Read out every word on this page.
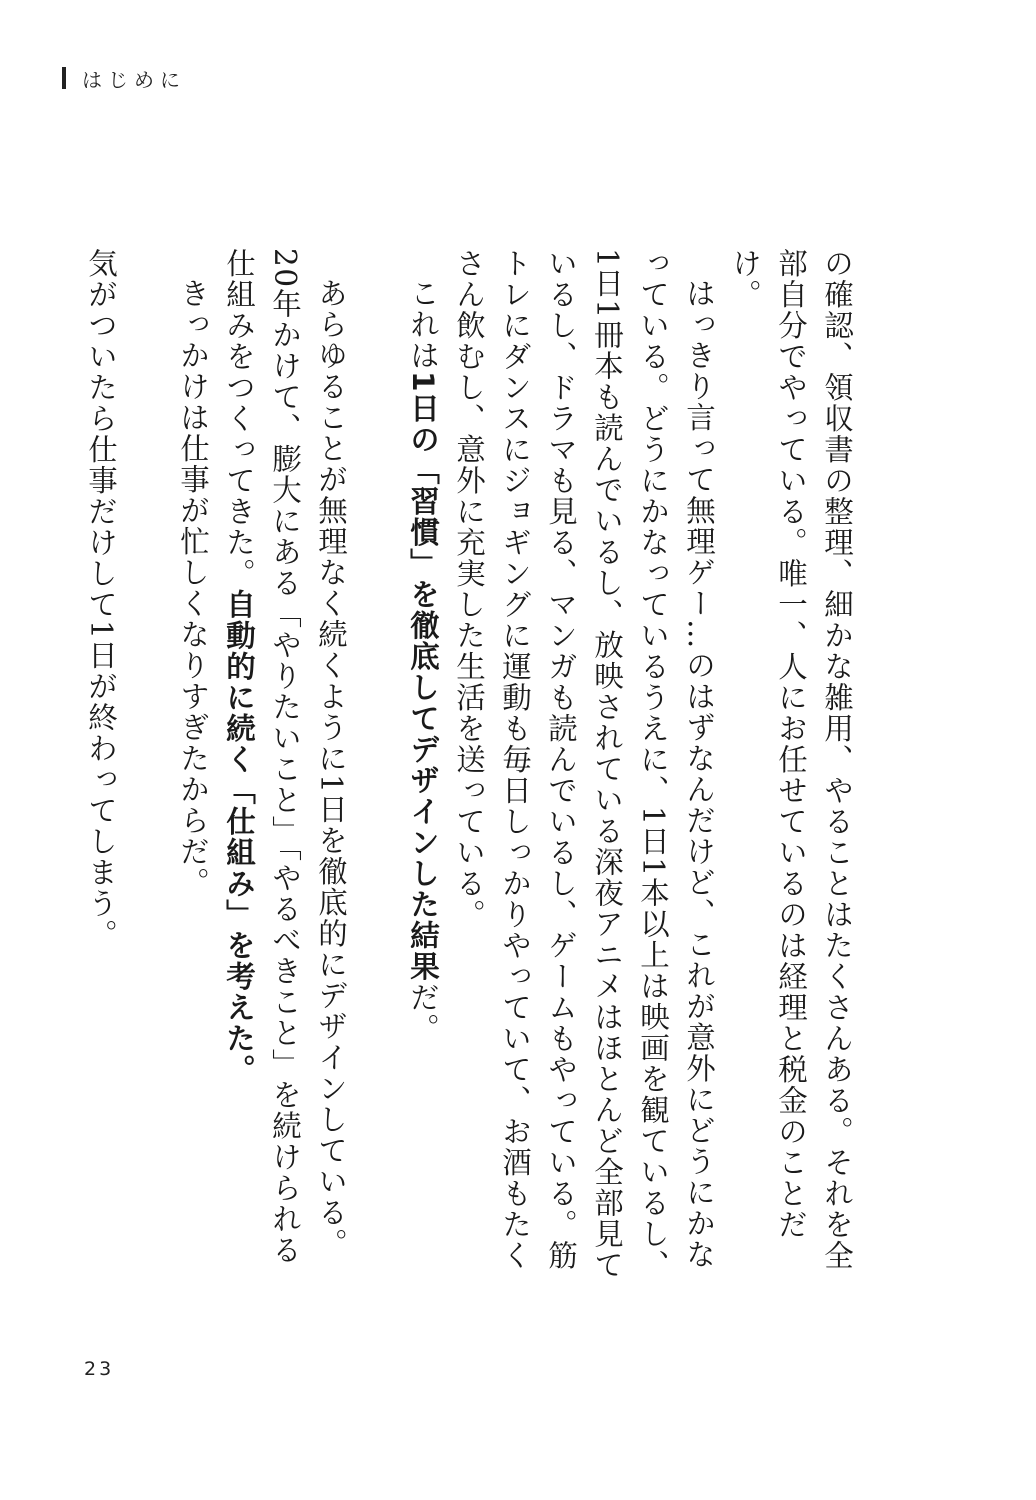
はじめに

の確認、領収書の整理、細かな雑用、やることはたくさんある。それを全部自分でやっている。唯一、人にお任せているのは経理と税金のことだけ。

はっきり言って無理ゲー…のはずなんだけど、これが意外にどうにかなっている。どうにかなっているうえに、1日1本以上は映画を観ているし、1日1冊本も読んでいるし、放映されている深夜アニメはほとんど全部見ているし、ドラマも見る、マンガも読んでいるし、ゲームもやっている。筋トレにダンスにジョギングに運動も毎日しっかりやっていて、お酒もたくさん飲むし、意外に充実した生活を送っている。

これは1日の「習慣」を徹底してデザインした結果だ。

あらゆることが無理なく続くように1日を徹底的にデザインしている。20年かけて、膨大にある「やりたいこと」「やるべきこと」を続けられる仕組みをつくってきた。自動的に続く「仕組み」を考えた。

きっかけは仕事が忙しくなりすぎたからだ。

気がついたら仕事だけして1日が終わってしまう。

23
